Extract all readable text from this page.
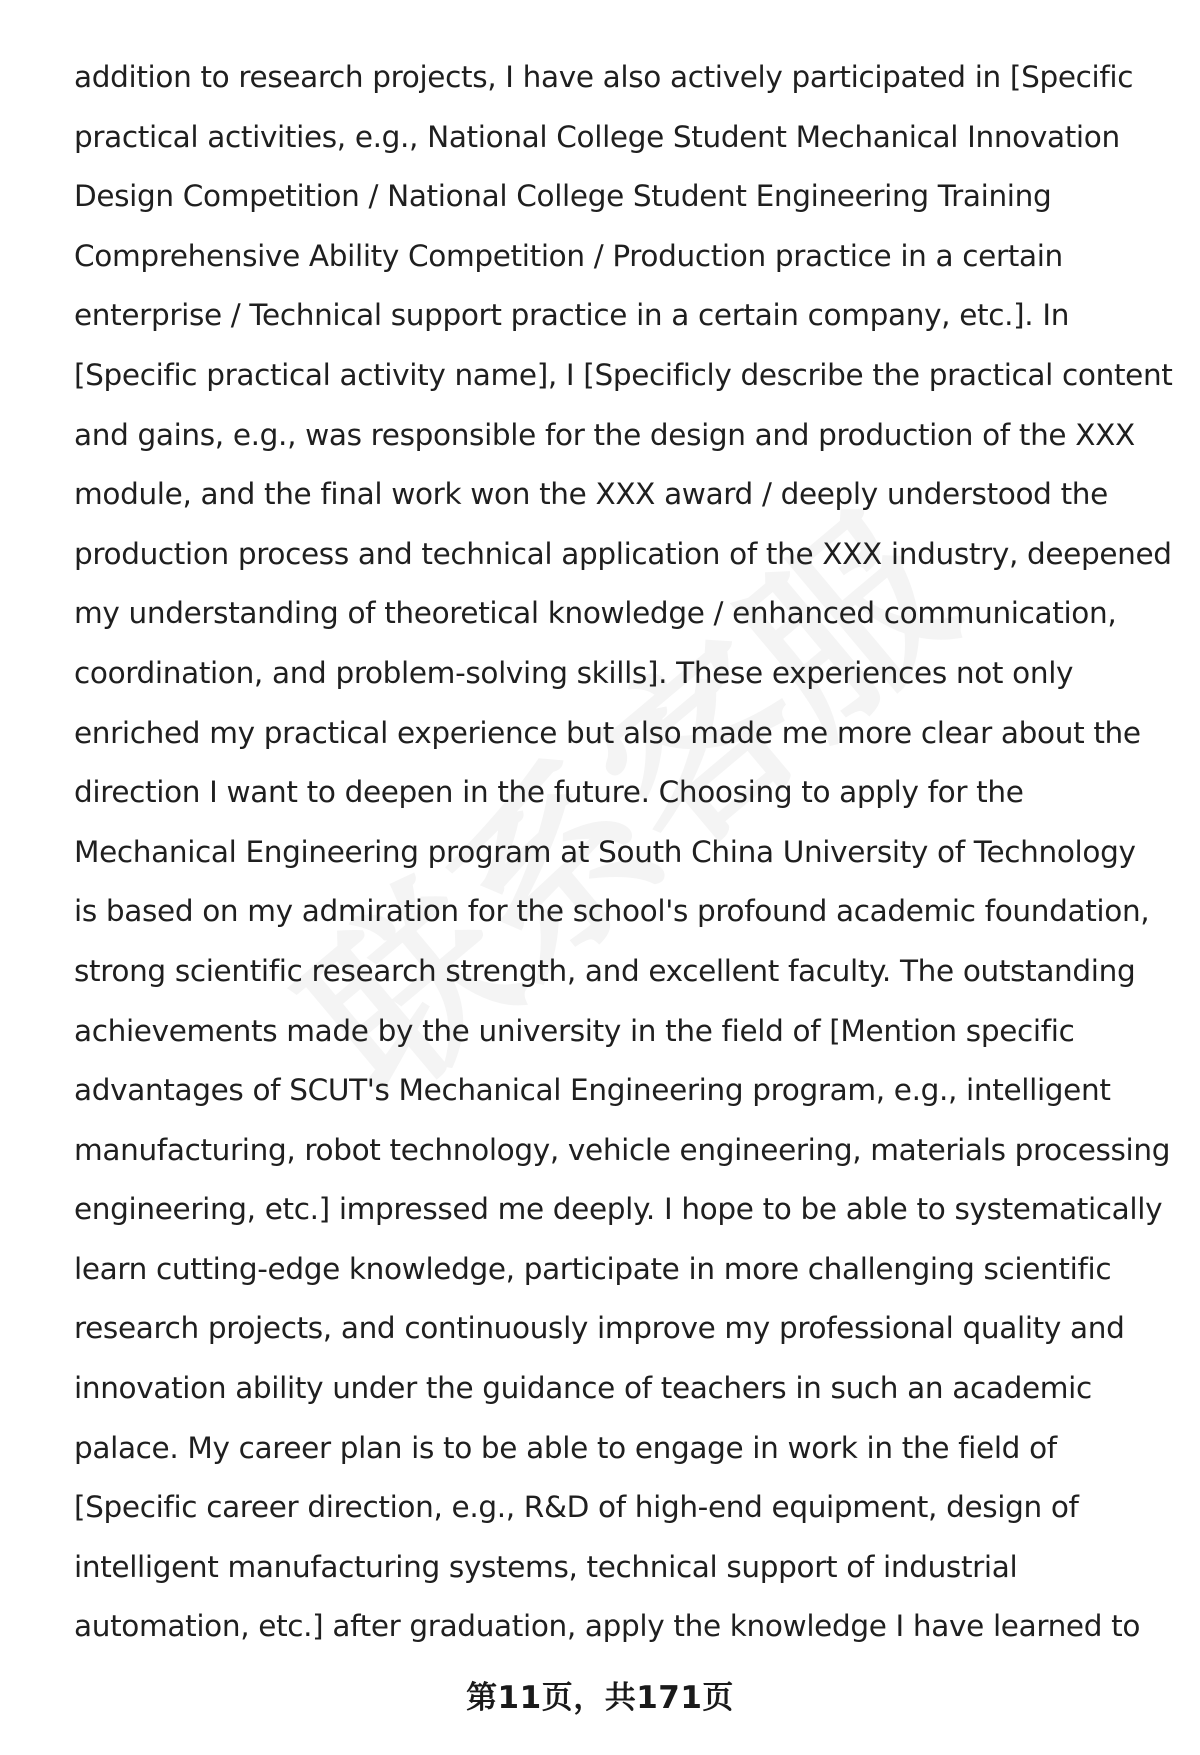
addition to research projects, I have also actively participated in [Specific
practical activities, e.g., National College Student Mechanical Innovation
Design Competition / National College Student Engineering Training
Comprehensive Ability Competition / Production practice in a certain
enterprise / Technical support practice in a certain company, etc.]. In
[Specific practical activity name], I [Specificly describe the practical content
and gains, e.g., was responsible for the design and production of the XXX
module, and the final work won the XXX award / deeply understood the
production process and technical application of the XXX industry, deepened
my understanding of theoretical knowledge / enhanced communication,
coordination, and problem-solving skills]. These experiences not only
enriched my practical experience but also made me more clear about the
direction I want to deepen in the future. Choosing to apply for the
Mechanical Engineering program at South China University of Technology
is based on my admiration for the school's profound academic foundation,
strong scientific research strength, and excellent faculty. The outstanding
achievements made by the university in the field of [Mention specific
advantages of SCUT's Mechanical Engineering program, e.g., intelligent
manufacturing, robot technology, vehicle engineering, materials processing
engineering, etc.] impressed me deeply. I hope to be able to systematically
learn cutting-edge knowledge, participate in more challenging scientific
research projects, and continuously improve my professional quality and
innovation ability under the guidance of teachers in such an academic
palace. My career plan is to be able to engage in work in the field of
[Specific career direction, e.g., R&D of high-end equipment, design of
intelligent manufacturing systems, technical support of industrial
automation, etc.] after graduation, apply the knowledge I have learned to
第11页，共171页
